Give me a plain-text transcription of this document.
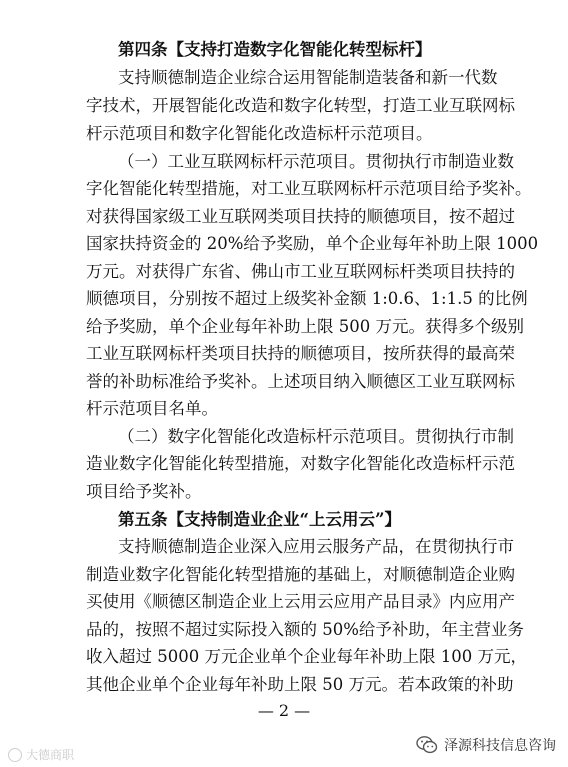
第四条【支持打造数字化智能化转型标杆】
支持顺德制造企业综合运用智能制造装备和新一代数
字技术，开展智能化改造和数字化转型，打造工业互联网标
杆示范项目和数字化智能化改造标杆示范项目。
（一）工业互联网标杆示范项目。贯彻执行市制造业数
字化智能化转型措施，对工业互联网标杆示范项目给予奖补。
对获得国家级工业互联网类项目扶持的顺德项目，按不超过
国家扶持资金的 20%给予奖励，单个企业每年补助上限 1000
万元。对获得广东省、佛山市工业互联网标杆类项目扶持的
顺德项目，分别按不超过上级奖补金额 1:0.6、1:1.5 的比例
给予奖励，单个企业每年补助上限 500 万元。获得多个级别
工业互联网标杆类项目扶持的顺德项目，按所获得的最高荣
誉的补助标准给予奖补。上述项目纳入顺德区工业互联网标
杆示范项目名单。
（二）数字化智能化改造标杆示范项目。贯彻执行市制
造业数字化智能化转型措施，对数字化智能化改造标杆示范
项目给予奖补。
第五条【支持制造业企业“上云用云”】
支持顺德制造企业深入应用云服务产品，在贯彻执行市
制造业数字化智能化转型措施的基础上，对顺德制造企业购
买使用《顺德区制造企业上云用云应用产品目录》内应用产
品的，按照不超过实际投入额的 50%给予补助，年主营业务
收入超过 5000 万元企业单个企业每年补助上限 100 万元，
其他企业单个企业每年补助上限 50 万元。若本政策的补助
— 2 —
大德商职
泽源科技信息咨询
